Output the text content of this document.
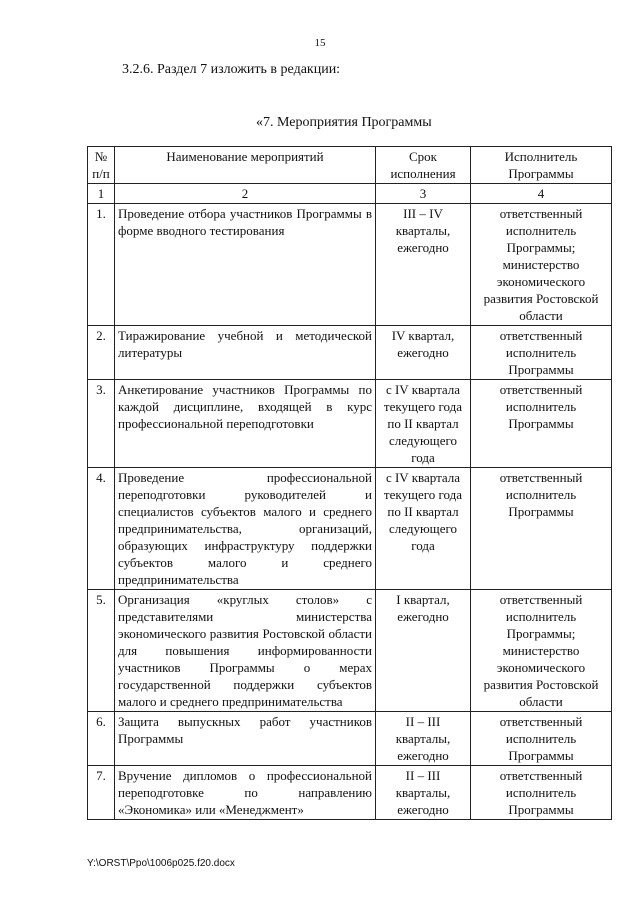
15
3.2.6. Раздел 7 изложить в редакции:
«7. Мероприятия Программы
№ п/п	Наименование мероприятий	Срок исполнения	Исполнитель Программы
1	2	3	4
1.	Проведение отбора участников Программы в форме вводного тестирования	III – IV кварталы, ежегодно	ответственный исполнитель Программы; министерство экономического развития Ростовской области
2.	Тиражирование учебной и методической литературы	IV квартал, ежегодно	ответственный исполнитель Программы
3.	Анкетирование участников Программы по каждой дисциплине, входящей в курс профессиональной переподготовки	с IV квартала текущего года по II квартал следующего года	ответственный исполнитель Программы
4.	Проведение профессиональной переподготовки руководителей и специалистов субъектов малого и среднего предпринимательства, организаций, образующих инфраструктуру поддержки субъектов малого и среднего предпринимательства	с IV квартала текущего года по II квартал следующего года	ответственный исполнитель Программы
5.	Организация «круглых столов» с представителями министерства экономического развития Ростовской области для повышения информированности участников Программы о мерах государственной поддержки субъектов малого и среднего предпринимательства	I квартал, ежегодно	ответственный исполнитель Программы; министерство экономического развития Ростовской области
6.	Защита выпускных работ участников Программы	II – III кварталы, ежегодно	ответственный исполнитель Программы
7.	Вручение дипломов о профессиональной переподготовке по направлению «Экономика» или «Менеджмент»	II – III кварталы, ежегодно	ответственный исполнитель Программы
Y:\ORST\Ppo\1006p025.f20.docx
